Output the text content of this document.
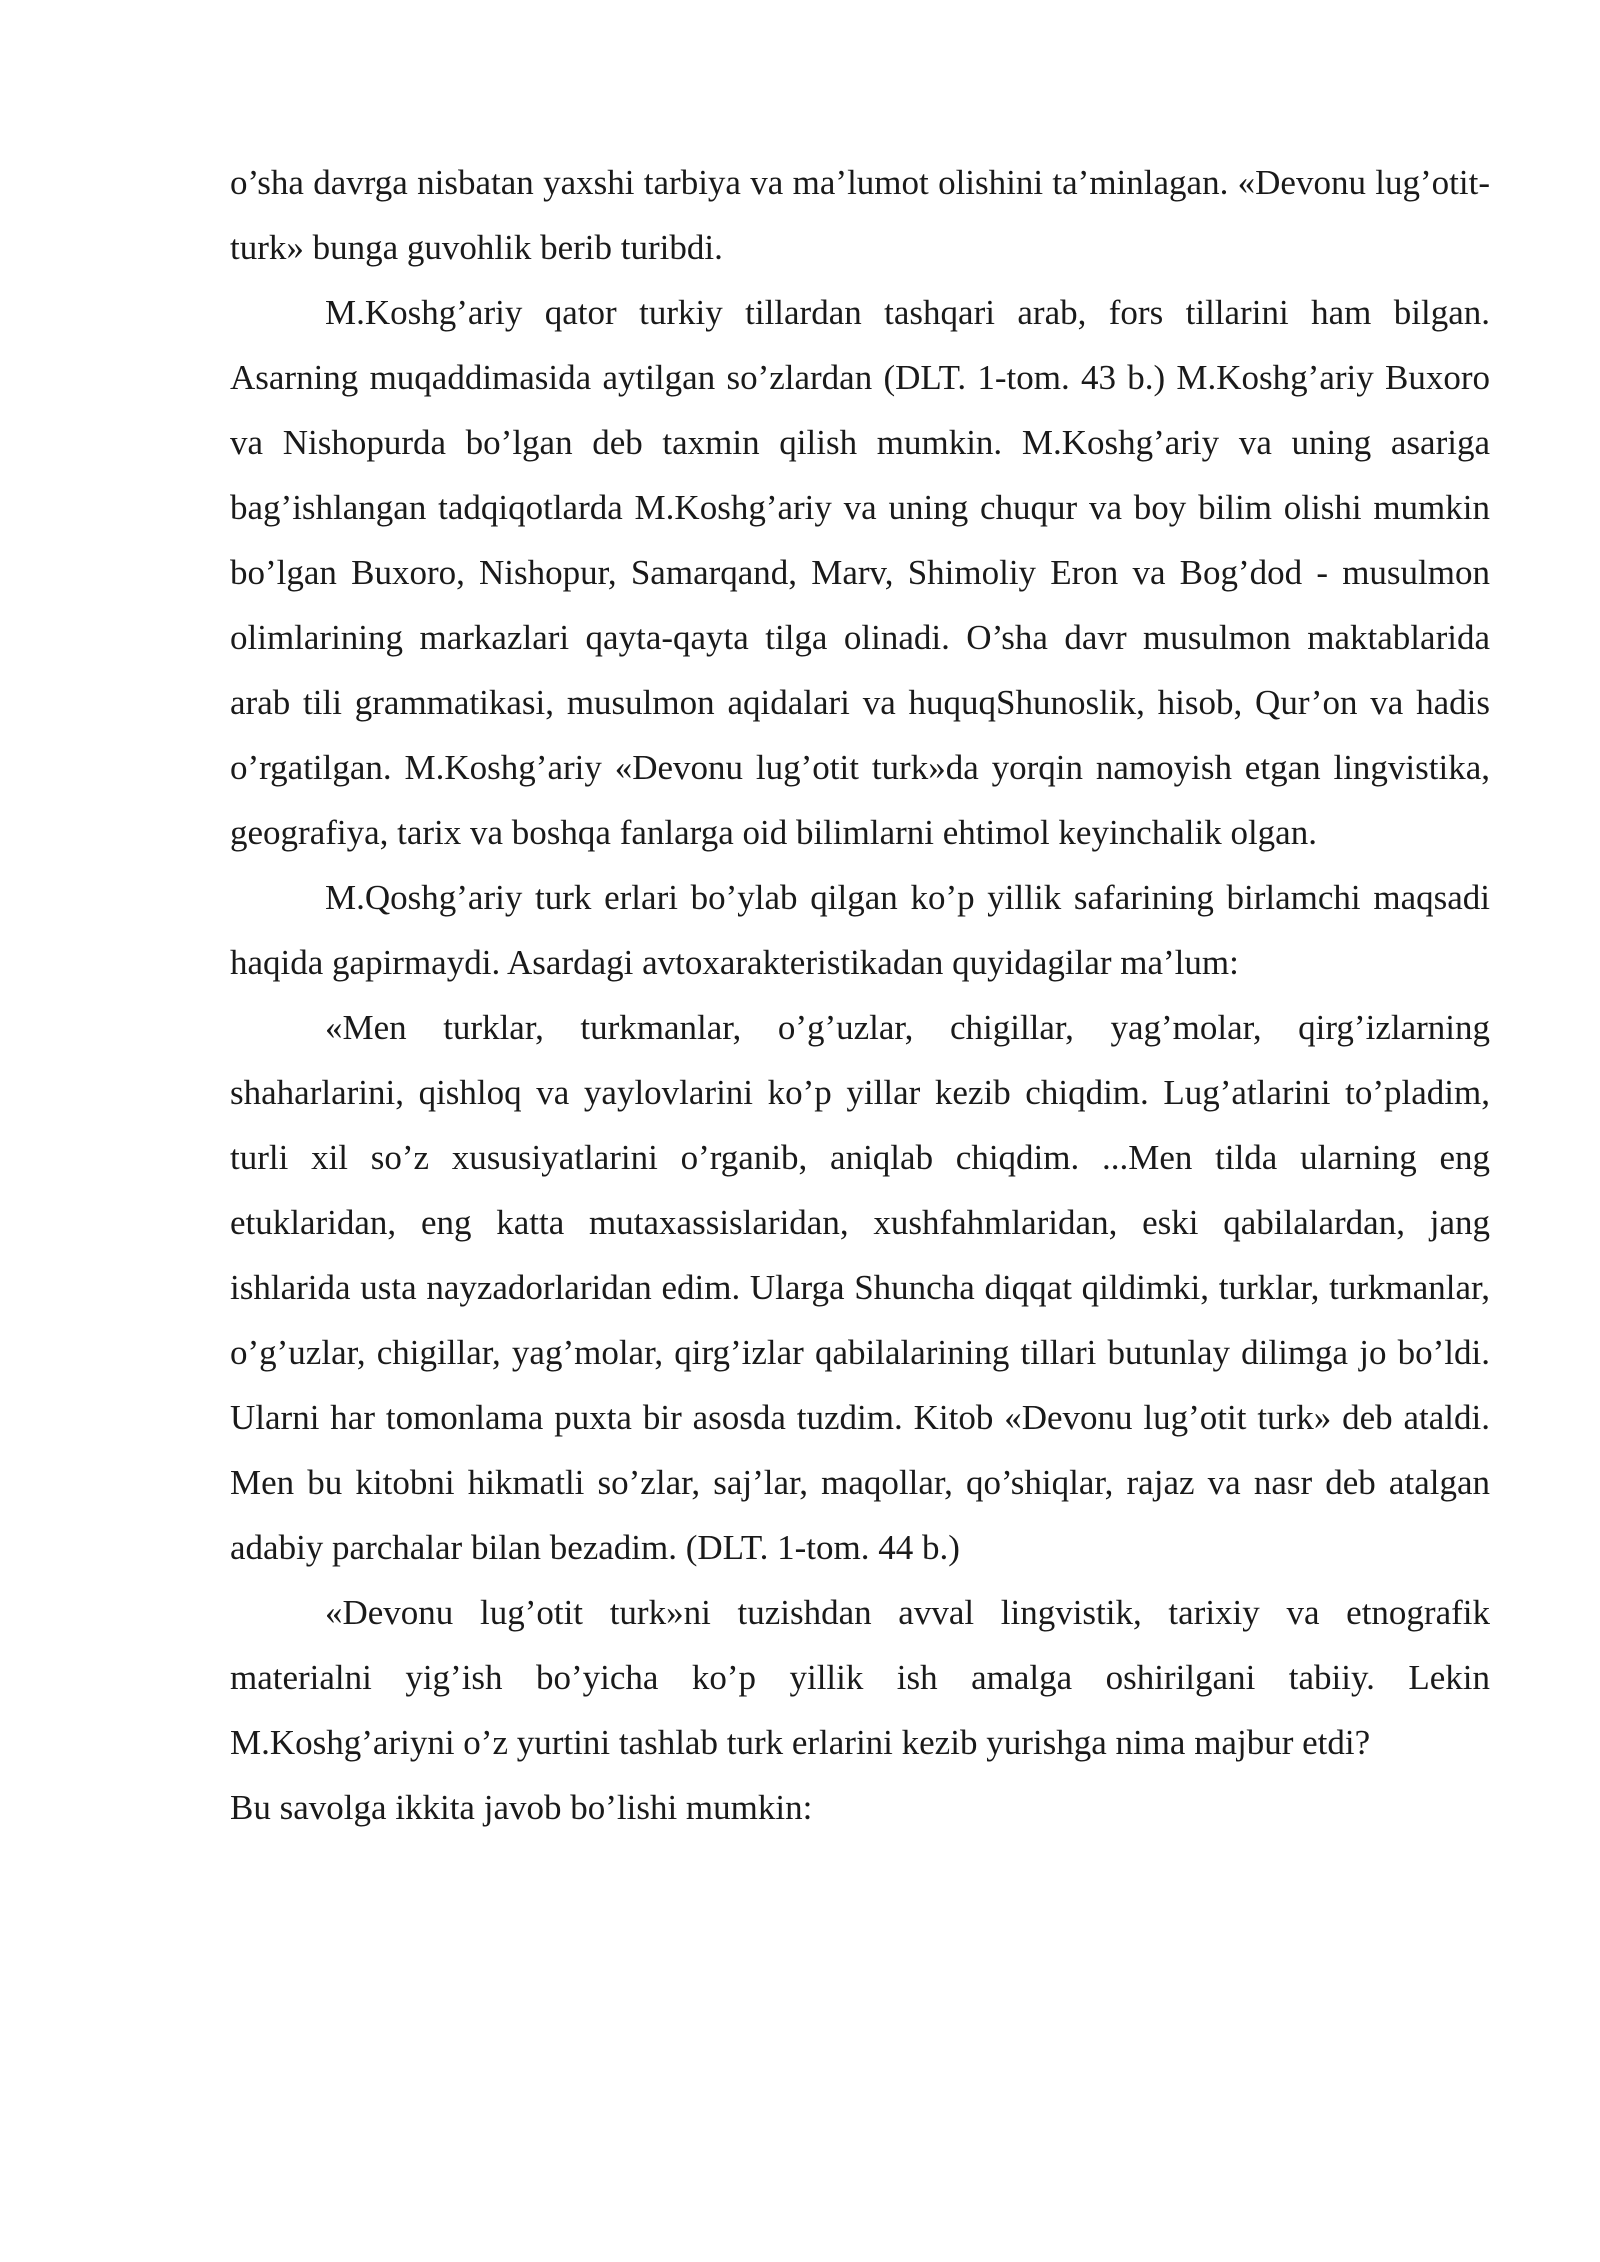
o’sha davrga nisbatan yaxshi tarbiya va ma’lumot olishini ta’minlagan. «Devonu lug’otit-turk» bunga guvohlik berib turibdi.

M.Koshg’ariy qator turkiy tillardan tashqari arab, fors tillarini ham bilgan. Asarning muqaddimasida aytilgan so’zlardan (DLT. 1-tom. 43 b.) M.Koshg’ariy Buxoro va Nishopurda bo’lgan deb taxmin qilish mumkin. M.Koshg’ariy va uning asariga bag’ishlangan tadqiqotlarda M.Koshg’ariy va uning chuqur va boy bilim olishi mumkin bo’lgan Buxoro, Nishopur, Samarqand, Marv, Shimoliy Eron va Bog’dod - musulmon olimlarining markazlari qayta-qayta tilga olinadi. O’sha davr musulmon maktablarida arab tili grammatikasi, musulmon aqidalari va huquqShunoslik, hisob, Qur’on va hadis o’rgatilgan. M.Koshg’ariy «Devonu lug’otit turk»da yorqin namoyish etgan lingvistika, geografiya, tarix va boshqa fanlarga oid bilimlarni ehtimol keyinchalik olgan.

M.Qoshg’ariy turk erlari bo’ylab qilgan ko’p yillik safarining birlamchi maqsadi haqida gapirmaydi. Asardagi avtoxarakteristikadan quyidagilar ma’lum:

«Men turklar, turkmanlar, o’g’uzlar, chigillar, yag’molar, qirg’izlarning shaharlarini, qishloq va yaylovlarini ko’p yillar kezib chiqdim. Lug’atlarini to’pladim, turli xil so’z xususiyatlarini o’rganib, aniqlab chiqdim. ...Men tilda ularning eng etuklaridan, eng katta mutaxassislaridan, xushfahmlaridan, eski qabilalardan, jang ishlarida usta nayzadorlaridan edim. Ularga Shuncha diqqat qildimki, turklar, turkmanlar, o’g’uzlar, chigillar, yag’molar, qirg’izlar qabilalarining tillari butunlay dilimga jo bo’ldi. Ularni har tomonlama puxta bir asosda tuzdim. Kitob «Devonu lug’otit turk» deb ataldi. Men bu kitobni hikmatli so’zlar, saj’lar, maqollar, qo’shiqlar, rajaz va nasr deb atalgan adabiy parchalar bilan bezadim. (DLT. 1-tom. 44 b.)

«Devonu lug’otit turk»ni tuzishdan avval lingvistik, tarixiy va etnografik materialni yig’ish bo’yicha ko’p yillik ish amalga oshirilgani tabiiy. Lekin M.Koshg’ariyni o’z yurtini tashlab turk erlarini kezib yurishga nima majbur etdi?

Bu savolga ikkita javob bo’lishi mumkin:
